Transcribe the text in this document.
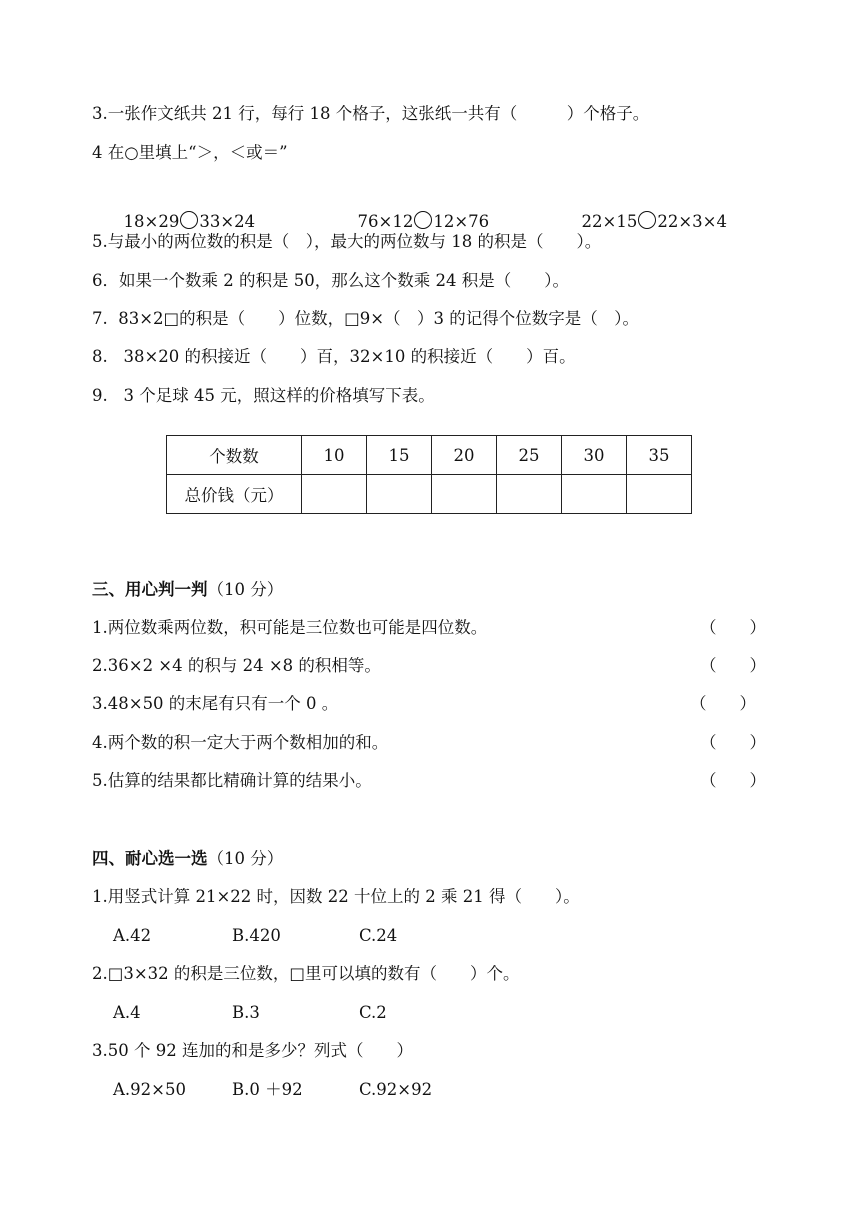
3.一张作文纸共 21 行，每行 18 个格子，这张纸一共有（　　　）个格子。
4 在○里填上“＞，＜或＝”

18×29 33×24	76×12 12×76	22×15 22×3×4

5.与最小的两位数的积是（　），最大的两位数与 18 的积是（　　）。
6．如果一个数乘 2 的积是 50，那么这个数乘 24 积是（　　）。
7.  83×2□的积是（　　）位数，□9×（　）3 的记得个位数字是（　）。
8.   38×20 的积接近（　　）百，32×10 的积接近（　　）百。
9.   3 个足球 45 元，照这样的价格填写下表。
个数数	10	15	20	25	30	35
总价钱（元）						
三、用心判一判（10 分）
1.两位数乘两位数，积可能是三位数也可能是四位数。	（　　）
2.36×2 ×4 的积与 24 ×8 的积相等。	（　　）
3.48×50 的末尾有只有一个 0 。	（　　）
4.两个数的积一定大于两个数相加的和。	（　　）
5.估算的结果都比精确计算的结果小。	（　　）
四、耐心选一选（10 分）
1.用竖式计算 21×22 时，因数 22 十位上的 2 乘 21 得（　　）。
A.42	B.420	C.24
2.□3×32 的积是三位数，□里可以填的数有（　　）个。
A.4	B.3	C.2
3.50 个 92 连加的和是多少？列式（　　）
A.92×50	B.0 ＋92	C.92×92
